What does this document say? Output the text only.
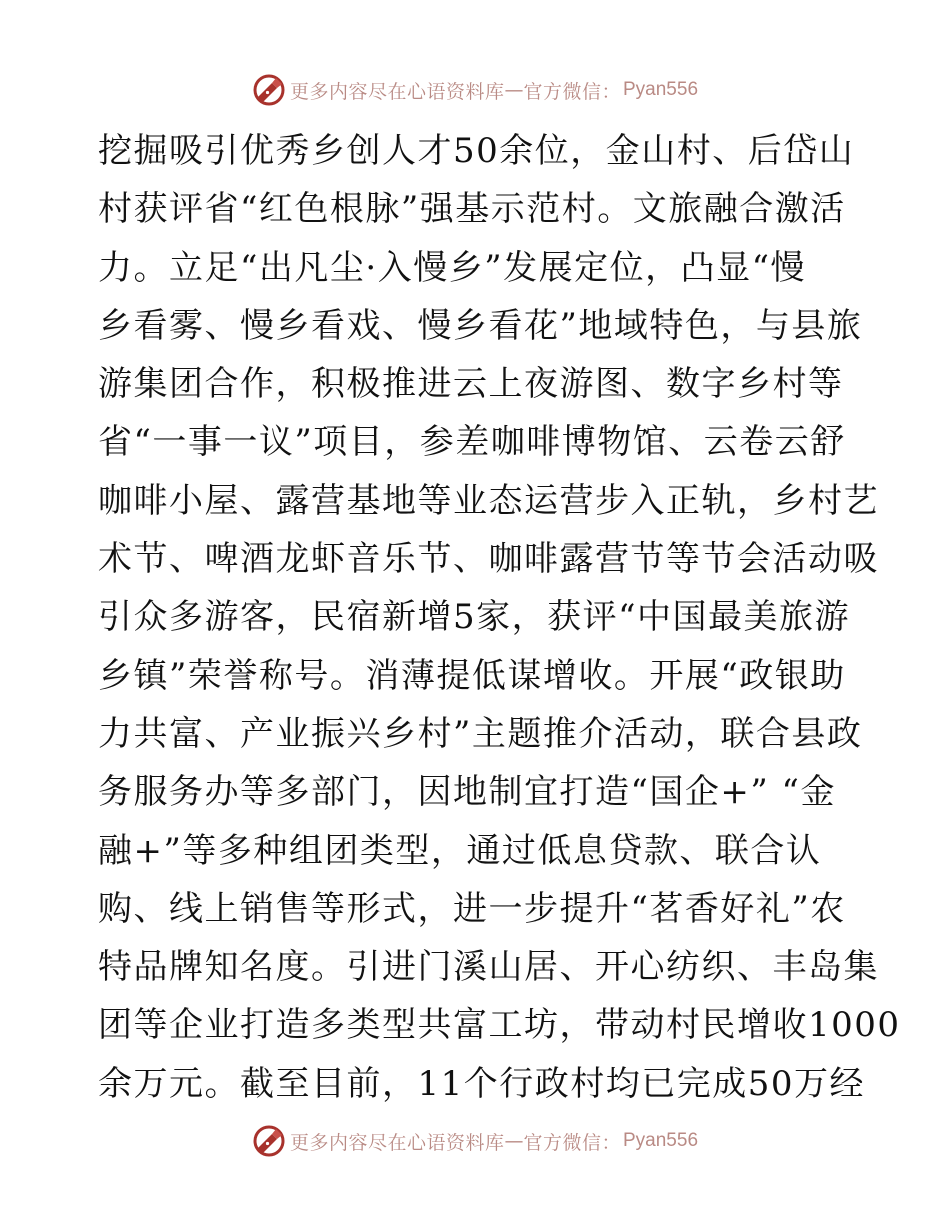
更多内容尽在心语资料库 — 官方微信： Pyan556
挖掘吸引优秀乡创人才50余位，金山村、后岱山
村获评省“红色根脉”强基示范村。文旅融合激活
力。立足“出凡尘·入慢乡”发展定位，凸显“慢
乡看雾、慢乡看戏、慢乡看花”地域特色，与县旅
游集团合作，积极推进云上夜游图、数字乡村等
省“一事一议”项目，参差咖啡博物馆、云卷云舒
咖啡小屋、露营基地等业态运营步入正轨，乡村艺
术节、啤酒龙虾音乐节、咖啡露营节等节会活动吸
引众多游客，民宿新增5家，获评“中国最美旅游
乡镇”荣誉称号。消薄提低谋增收。开展“政银助
力共富、产业振兴乡村”主题推介活动，联合县政
务服务办等多部门，因地制宜打造“国企+” “金
融+”等多种组团类型，通过低息贷款、联合认
购、线上销售等形式，进一步提升“茗香好礼”农
特品牌知名度。引进门溪山居、开心纺织、丰岛集
团等企业打造多类型共富工坊，带动村民增收1000
余万元。截至目前，11个行政村均已完成50万经
更多内容尽在心语资料库 — 官方微信： Pyan556
